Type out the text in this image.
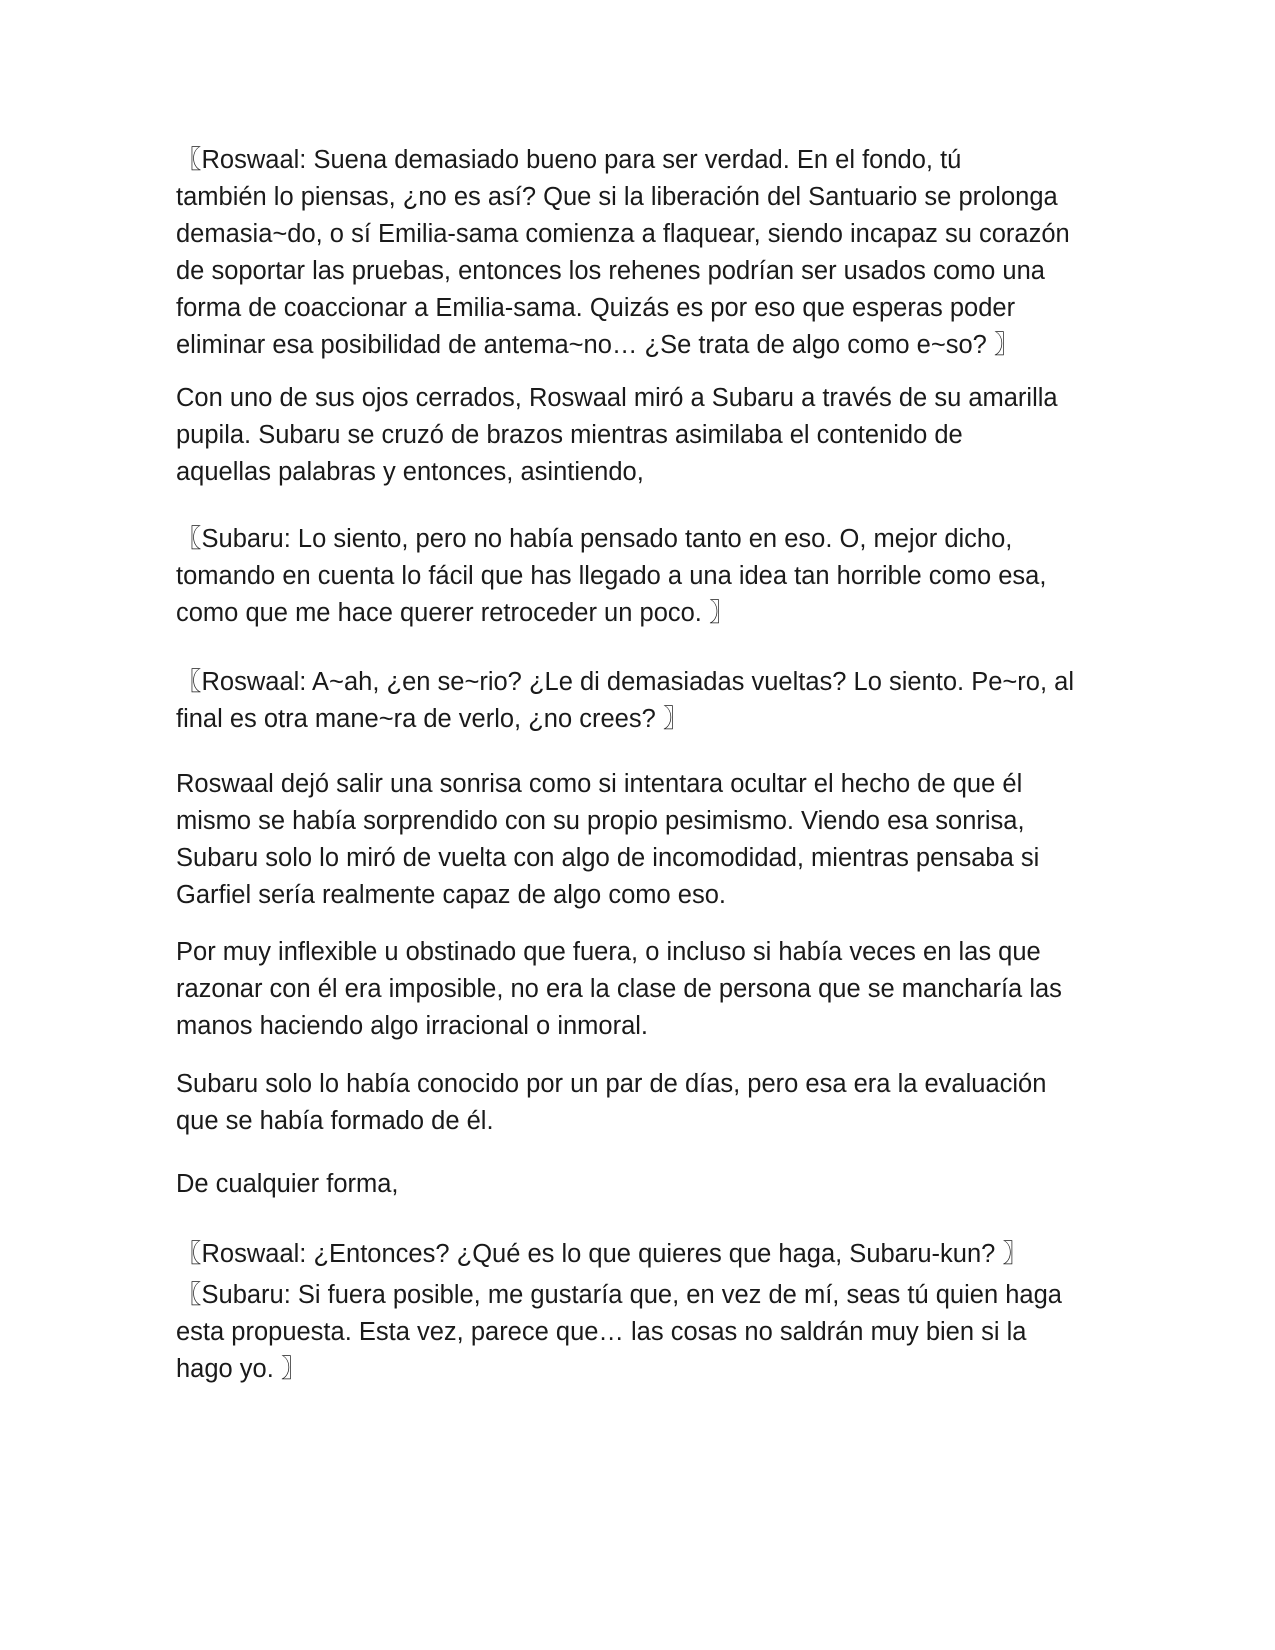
〖Roswaal: Suena demasiado bueno para ser verdad. En el fondo, tú
también lo piensas, ¿no es así? Que si la liberación del Santuario se prolonga
demasia~do, o sí Emilia-sama comienza a flaquear, siendo incapaz su corazón
de soportar las pruebas, entonces los rehenes podrían ser usados como una
forma de coaccionar a Emilia-sama. Quizás es por eso que esperas poder
eliminar esa posibilidad de antema~no… ¿Se trata de algo como e~so? 〗

Con uno de sus ojos cerrados, Roswaal miró a Subaru a través de su amarilla
pupila. Subaru se cruzó de brazos mientras asimilaba el contenido de
aquellas palabras y entonces, asintiendo,

〖Subaru: Lo siento, pero no había pensado tanto en eso. O, mejor dicho,
tomando en cuenta lo fácil que has llegado a una idea tan horrible como esa,
como que me hace querer retroceder un poco. 〗

〖Roswaal: A~ah, ¿en se~rio? ¿Le di demasiadas vueltas? Lo siento. Pe~ro, al
final es otra mane~ra de verlo, ¿no crees? 〗

Roswaal dejó salir una sonrisa como si intentara ocultar el hecho de que él
mismo se había sorprendido con su propio pesimismo. Viendo esa sonrisa,
Subaru solo lo miró de vuelta con algo de incomodidad, mientras pensaba si
Garfiel sería realmente capaz de algo como eso.

Por muy inflexible u obstinado que fuera, o incluso si había veces en las que
razonar con él era imposible, no era la clase de persona que se mancharía las
manos haciendo algo irracional o inmoral.

Subaru solo lo había conocido por un par de días, pero esa era la evaluación
que se había formado de él.

De cualquier forma,

〖Roswaal: ¿Entonces? ¿Qué es lo que quieres que haga, Subaru-kun? 〗

〖Subaru: Si fuera posible, me gustaría que, en vez de mí, seas tú quien haga
esta propuesta. Esta vez, parece que… las cosas no saldrán muy bien si la
hago yo. 〗
